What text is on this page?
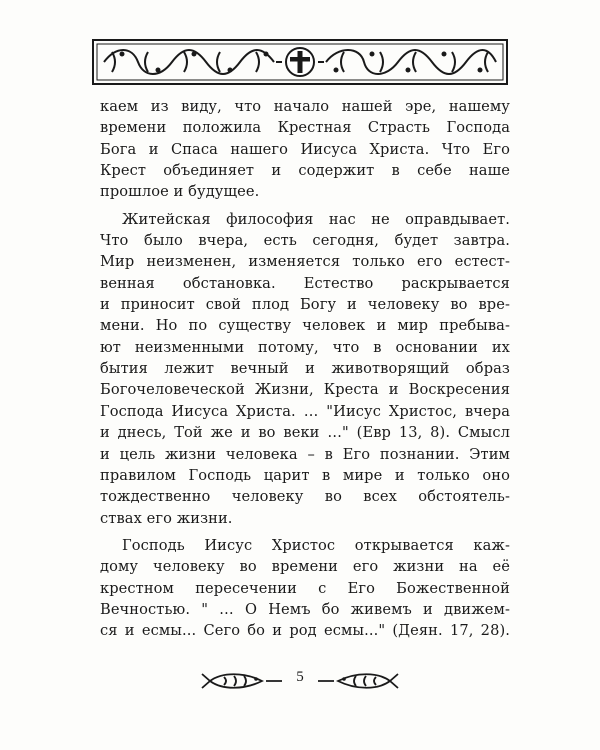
каем из виду, что начало нашей эре, нашему
времени положила Крестная Страсть Господа
Бога и Спаса нашего Иисуса Христа. Что Его
Крест объединяет и содержит в себе наше
прошлое и будущее.
Житейская философия нас не оправдывает.
Что было вчера, есть сегодня, будет завтра.
Мир неизменен, изменяется только его естест-
венная обстановка. Естество раскрывается
и приносит свой плод Богу и человеку во вре-
мени. Но по существу человек и мир пребыва-
ют неизменными потому, что в основании их
бытия лежит вечный и животворящий образ
Богочеловеческой Жизни, Креста и Воскресения
Господа Иисуса Христа. … "Иисус Христос, вчера
и днесь, Той же и во веки …" (Евр 13, 8). Смысл
и цель жизни человека – в Его познании. Этим
правилом Господь царит в мире и только оно
тождественно человеку во всех обстоятель-
ствах его жизни.
Господь Иисус Христос открывается каж-
дому человеку во времени его жизни на её
крестном пересечении с Его Божественной
Вечностью. " … О Немъ бо живемъ и движем-
ся и есмы... Сего бо и род есмы..." (Деян. 17, 28).
5
